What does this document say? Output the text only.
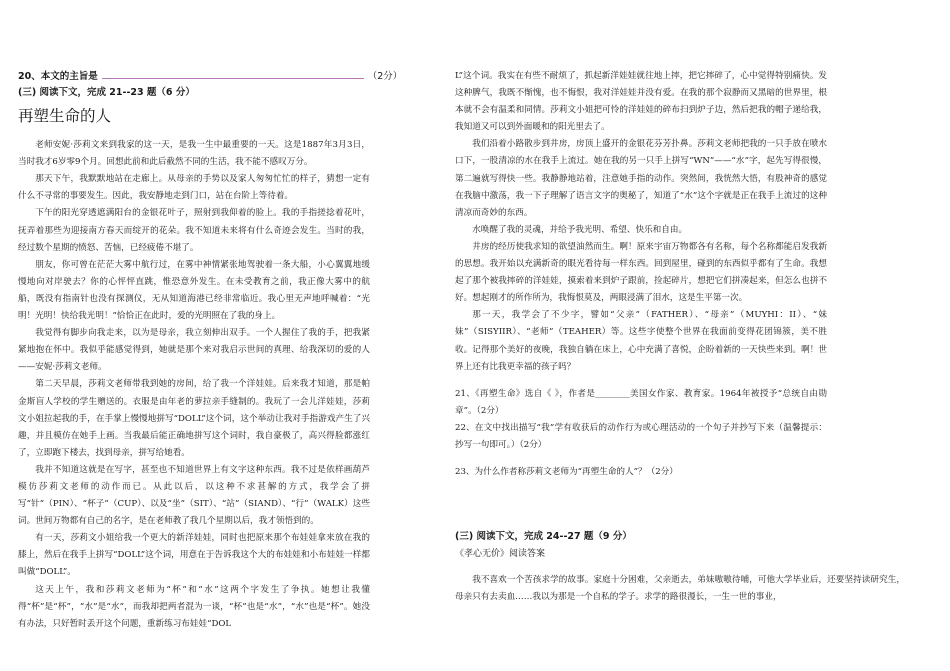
20、本文的主旨是	（2分）
(三) 阅读下文，完成 21--23 题（6 分）
再塑生命的人

老师安妮·莎莉文来到我家的这一天，是我一生中最重要的一天。这是1887年3月3日，当时我才6岁零9个月。回想此前和此后截然不同的生活，我不能不感叹万分。

那天下午，我默默地站在走廊上。从母亲的手势以及家人匆匆忙忙的样子，猜想一定有什么不寻常的事要发生。因此，我安静地走到门口，站在台阶上等待着。

下午的阳光穿透遮满阳台的金银花叶子，照射到我仰着的脸上。我的手指搓捻着花叶，抚弄着那些为迎接南方春天而绽开的花朵。我不知道未来将有什么奇迹会发生。当时的我，经过数个星期的愤怒、苦恼，已经疲倦不堪了。

朋友，你可曾在茫茫大雾中航行过，在雾中神情紧张地驾驶着一条大船，小心翼翼地缓慢地向对岸驶去？你的心怦怦直跳，惟恐意外发生。在未受教育之前，我正像大雾中的航船，既没有指南针也没有探测仪，无从知道海港已经非常临近。我心里无声地呼喊着：“光明！光明！快给我光明！”恰恰正在此时，爱的光明照在了我的身上。

我觉得有脚步向我走来，以为是母亲，我立刻伸出双手。一个人握住了我的手，把我紧紧地抱在怀中。我似乎能感觉得到，她就是那个来对我启示世间的真理、给我深切的爱的人——安妮·莎莉文老师。

第二天早晨，莎莉文老师带我到她的房间，给了我一个洋娃娃。后来我才知道，那是帕金斯盲人学校的学生赠送的。衣服是由年老的萝拉亲手缝制的。我玩了一会儿洋娃娃，莎莉文小姐拉起我的手，在手掌上慢慢地拼写“DOLL”这个词，这个举动让我对手指游戏产生了兴趣，并且模仿在她手上画。当我最后能正确地拼写这个词时，我自豪极了，高兴得脸都涨红了，立即跑下楼去，找到母亲，拼写给她看。

我并不知道这就是在写字，甚至也不知道世界上有文字这种东西。我不过是依样画葫芦模仿莎莉文老师的动作而已。从此以后，以这种不求甚解的方式，我学会了拼写“针”（PIN）、“杯子”（CUP）、以及“坐”（SIT）、“站”（SIAND）、“行”（WALK）这些词。世间万物都有自己的名字，是在老师教了我几个星期以后，我才领悟到的。

有一天，莎莉文小姐给我一个更大的新洋娃娃，同时也把原来那个布娃娃拿来放在我的膝上，然后在我手上拼写“DOLL”这个词，用意在于告诉我这个大的布娃娃和小布娃娃一样都叫做“DOLL”。

这天上午，我和莎莉文老师为“杯”和“水”这两个字发生了争执。她想让我懂得“杯”是“杯”，“水”是“水”，而我却把两者混为一谈，“杯”也是“水”，“水”也是“杯”。她没有办法，只好暂时丢开这个问题，重新练习布娃娃“DOL

L”这个词。我实在有些不耐烦了，抓起新洋娃娃就往地上摔，把它摔碎了，心中觉得特别痛快。发这种脾气，我既不惭愧，也不悔恨，我对洋娃娃并没有爱。在我的那个寂静而又黑暗的世界里，根本就不会有温柔和同情。莎莉文小姐把可怜的洋娃娃的碎布扫到炉子边，然后把我的帽子递给我，我知道又可以到外面暖和的阳光里去了。

我们沿着小路散步到井房，房顶上盛开的金银花芬芳扑鼻。莎莉文老师把我的一只手放在喷水口下，一股清凉的水在我手上流过。她在我的另一只手上拼写“WN”——“水”字，起先写得很慢，第二遍就写得快一些。我静静地站着，注意她手指的动作。突然间，我恍然大悟，有股神奇的感觉在我脑中激荡，我一下子理解了语言文字的奥秘了，知道了“水”这个字就是正在我手上流过的这种清凉而奇妙的东西。

水唤醒了我的灵魂，并给予我光明、希望、快乐和自由。

井房的经历使我求知的欲望油然而生。啊！原来宇宙万物都各有名称，每个名称都能启发我新的思想。我开始以充满新奇的眼光看待每一样东西。回到屋里，碰到的东西似乎都有了生命。我想起了那个被我摔碎的洋娃娃，摸索着来到炉子跟前，捡起碎片，想把它们拼凑起来，但怎么也拼不好。想起刚才的所作所为，我悔恨莫及，两眼浸满了泪水，这是生平第一次。

那一天，我学会了不少字，譬如“父亲”（FATHER）、“母亲”（MUYHI：II）、“妹妹”（SISYIIR）、“老师”（TEAHER）等。这些字使整个世界在我面前变得花团锦簇，美不胜收。记得那个美好的夜晚，我独自躺在床上，心中充满了喜悦，企盼着新的一天快些来到。啊！世界上还有比我更幸福的孩子吗？

21、《再塑生命》选自《 》，作者是________美国女作家、教育家。1964年被授予“总统自由勋章”。（2分）

22、在文中找出描写“我”学有收获后的动作行为或心理活动的一个句子并抄写下来（温馨提示：抄写一句即可。）（2分）

23、为什么作者称莎莉文老师为“再塑生命的人”？（2分）

(三) 阅读下文，完成 24--27 题（9 分）
《孝心无价》阅读答案

我不喜欢一个苦孩求学的故事。家庭十分困难，父亲逝去，弟妹嗷嗷待哺，可他大学毕业后，还要坚持读研究生，母亲只有去卖血……我以为那是一个自私的学子。求学的路很漫长，一生一世的事业，
